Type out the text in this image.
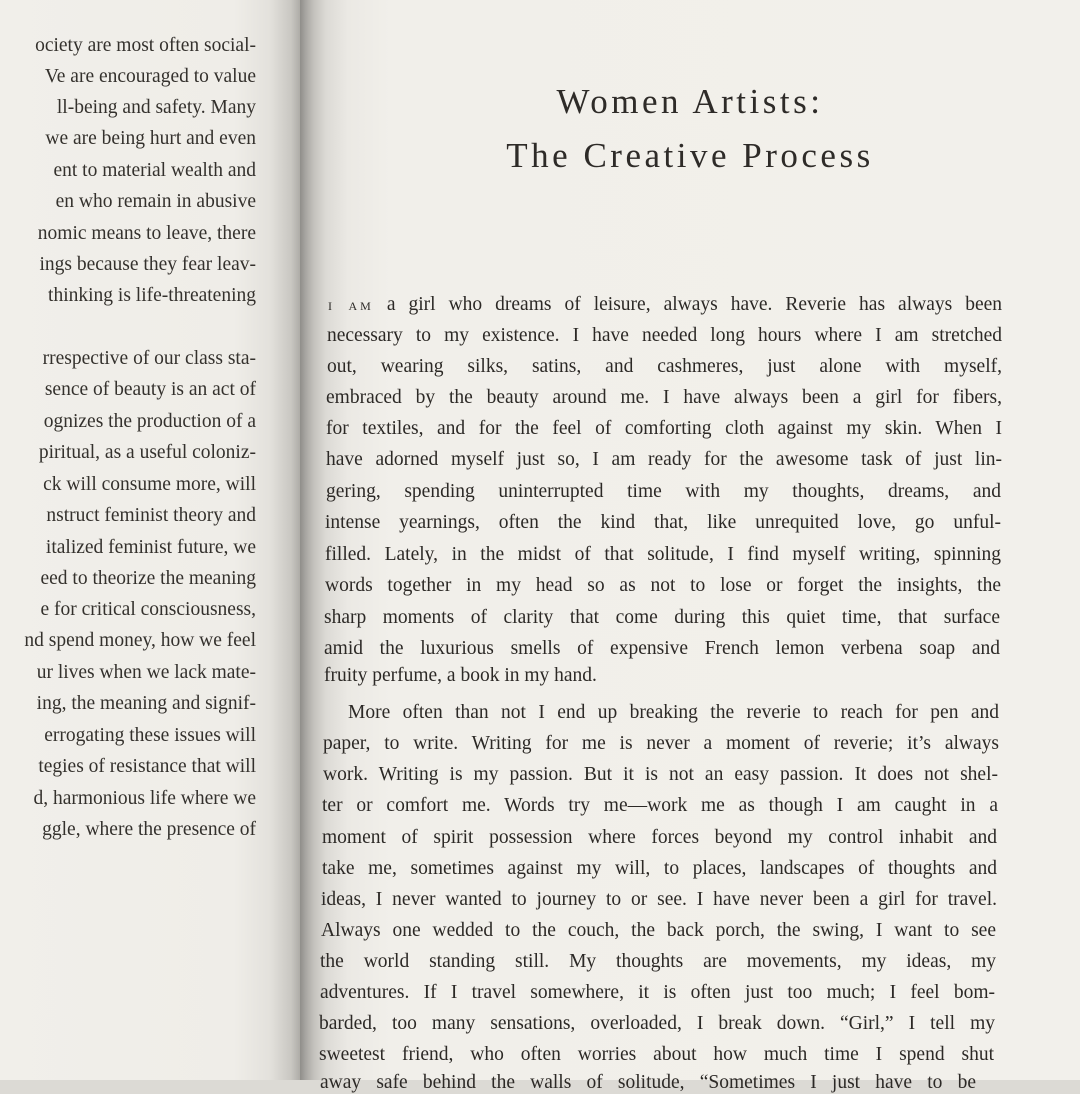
ociety are most often social-
Ve are encouraged to value
ll-being and safety. Many
we are being hurt and even
ent to material wealth and
en who remain in abusive
nomic means to leave, there
ings because they fear leav-
thinking is life-threatening
rrespective of our class sta-
sence of beauty is an act of
ognizes the production of a
piritual, as a useful coloniz-
ck will consume more, will
nstruct feminist theory and
italized feminist future, we
eed to theorize the meaning
e for critical consciousness,
nd spend money, how we feel
ur lives when we lack mate-
ing, the meaning and signif-
errogating these issues will
tegies of resistance that will
d, harmonious life where we
ggle, where the presence of
Women Artists:
The Creative Process
I AM a girl who dreams of leisure, always have. Reverie has always been
necessary to my existence. I have needed long hours where I am stretched
out, wearing silks, satins, and cashmeres, just alone with myself,
embraced by the beauty around me. I have always been a girl for fibers,
for textiles, and for the feel of comforting cloth against my skin. When I
have adorned myself just so, I am ready for the awesome task of just lin-
gering, spending uninterrupted time with my thoughts, dreams, and
intense yearnings, often the kind that, like unrequited love, go unful-
filled. Lately, in the midst of that solitude, I find myself writing, spinning
words together in my head so as not to lose or forget the insights, the
sharp moments of clarity that come during this quiet time, that surface
amid the luxurious smells of expensive French lemon verbena soap and
fruity perfume, a book in my hand.
More often than not I end up breaking the reverie to reach for pen and
paper, to write. Writing for me is never a moment of reverie; it’s always
work. Writing is my passion. But it is not an easy passion. It does not shel-
ter or comfort me. Words try me—work me as though I am caught in a
moment of spirit possession where forces beyond my control inhabit and
take me, sometimes against my will, to places, landscapes of thoughts and
ideas, I never wanted to journey to or see. I have never been a girl for travel.
Always one wedded to the couch, the back porch, the swing, I want to see
the world standing still. My thoughts are movements, my ideas, my
adventures. If I travel somewhere, it is often just too much; I feel bom-
barded, too many sensations, overloaded, I break down. “Girl,” I tell my
sweetest friend, who often worries about how much time I spend shut
away safe behind the walls of solitude, “Sometimes I just have to be
